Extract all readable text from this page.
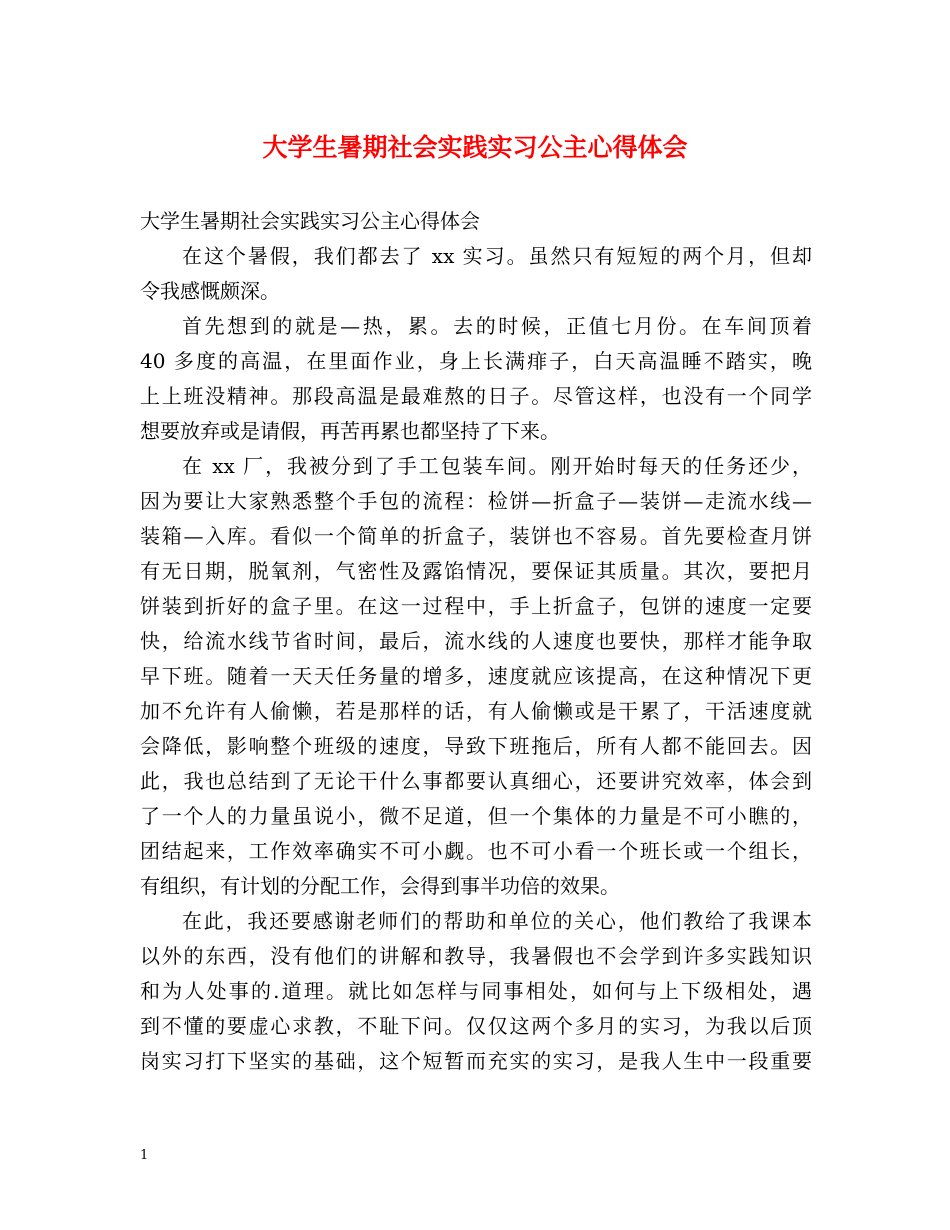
大学生暑期社会实践实习公主心得体会
大学生暑期社会实践实习公主心得体会
在这个暑假，我们都去了 xx 实习。虽然只有短短的两个月，但却
令我感慨颇深。
首先想到的就是—热，累。去的时候，正值七月份。在车间顶着
40 多度的高温，在里面作业，身上长满痱子，白天高温睡不踏实，晚
上上班没精神。那段高温是最难熬的日子。尽管这样，也没有一个同学
想要放弃或是请假，再苦再累也都坚持了下来。
在 xx 厂，我被分到了手工包装车间。刚开始时每天的任务还少，
因为要让大家熟悉整个手包的流程：检饼—折盒子—装饼—走流水线—
装箱—入库。看似一个简单的折盒子，装饼也不容易。首先要检查月饼
有无日期，脱氧剂，气密性及露馅情况，要保证其质量。其次，要把月
饼装到折好的盒子里。在这一过程中，手上折盒子，包饼的速度一定要
快，给流水线节省时间，最后，流水线的人速度也要快，那样才能争取
早下班。随着一天天任务量的增多，速度就应该提高，在这种情况下更
加不允许有人偷懒，若是那样的话，有人偷懒或是干累了，干活速度就
会降低，影响整个班级的速度，导致下班拖后，所有人都不能回去。因
此，我也总结到了无论干什么事都要认真细心，还要讲究效率，体会到
了一个人的力量虽说小，微不足道，但一个集体的力量是不可小瞧的，
团结起来，工作效率确实不可小觑。也不可小看一个班长或一个组长，
有组织，有计划的分配工作，会得到事半功倍的效果。
在此，我还要感谢老师们的帮助和单位的关心，他们教给了我课本
以外的东西，没有他们的讲解和教导，我暑假也不会学到许多实践知识
和为人处事的.道理。就比如怎样与同事相处，如何与上下级相处，遇
到不懂的要虚心求教，不耻下问。仅仅这两个多月的实习，为我以后顶
岗实习打下坚实的基础，这个短暂而充实的实习，是我人生中一段重要
1
